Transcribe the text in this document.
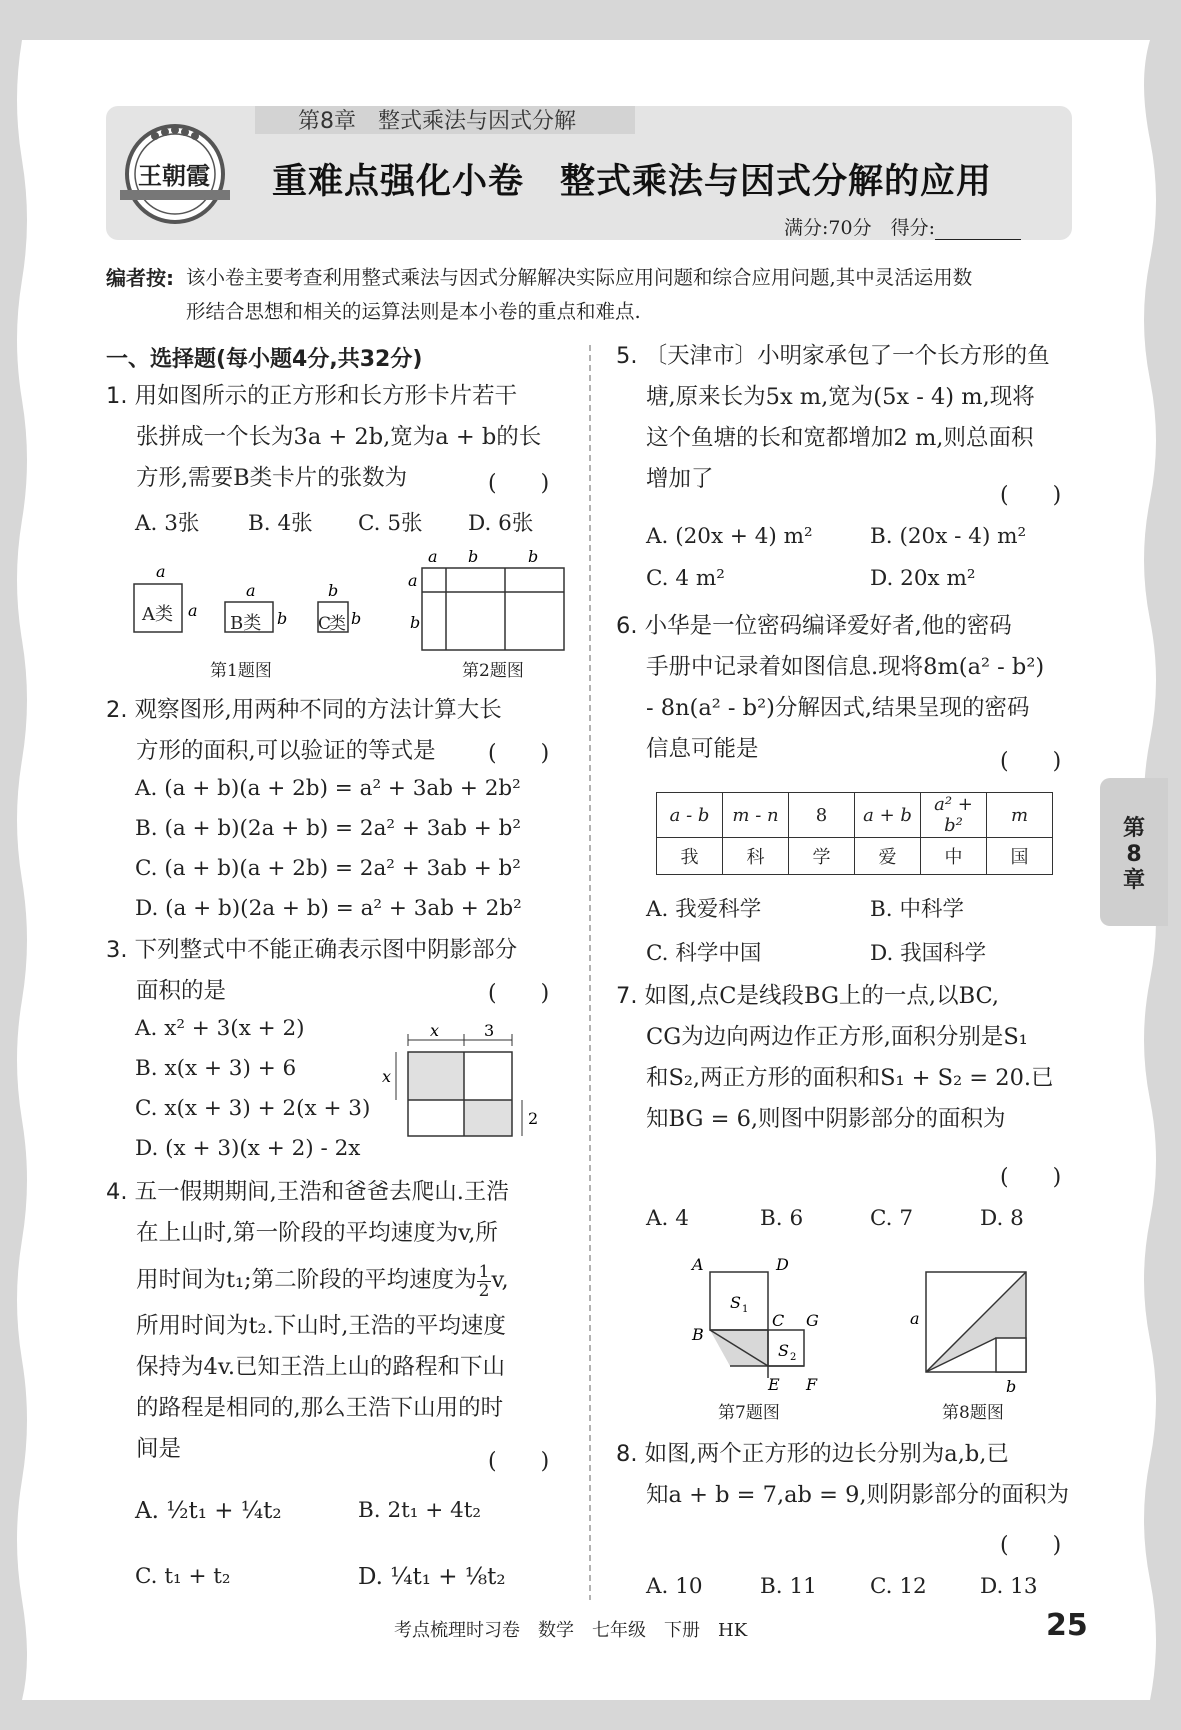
王朝霞
第8章　整式乘法与因式分解
重难点强化小卷　整式乘法与因式分解的应用
满分:70分　得分:
编者按: 该小卷主要考查利用整式乘法与因式分解解决实际应用问题和综合应用问题,其中灵活运用数
形结合思想和相关的运算法则是本小卷的重点和难点.
一、选择题(每小题4分,共32分)
1. 用如图所示的正方形和长方形卡片若干
张拼成一个长为3a + 2b,宽为a + b的长
方形,需要B类卡片的张数为	(　　)
A. 3张 B. 4张 C. 5张 D. 6张
a
a
a
b
b
b
A类	B类	C类
第1题图
a b	b
a
b
第2题图
2. 观察图形,用两种不同的方法计算大长
方形的面积,可以验证的等式是	(　　)
A. (a + b)(a + 2b) = a² + 3ab + 2b²
B. (a + b)(2a + b) = 2a² + 3ab + b²
C. (a + b)(a + 2b) = 2a² + 3ab + b²
D. (a + b)(2a + b) = a² + 3ab + 2b²
3. 下列整式中不能正确表示图中阴影部分
面积的是	(　　)
A. x² + 3(x + 2)
B. x(x + 3) + 6
C. x(x + 3) + 2(x + 3)
D. (x + 3)(x + 2) - 2x
x	3
x
2
4. 五一假期期间,王浩和爸爸去爬山.王浩
在上山时,第一阶段的平均速度为v,所
用时间为t₁;第二阶段的平均速度为 $\frac{1}{2} v$,
所用时间为t₂.下山时,王浩的平均速度
保持为4v.已知王浩上山的路程和下山
的路程是相同的,那么王浩下山用的时
间是	(　　)
A. ½t₁ + ¼t₂	B. 2t₁ + 4t₂
C. t₁ + t₂	D. ¼t₁ + ⅛t₂
5. 〔天津市〕小明家承包了一个长方形的鱼
塘,原来长为5x m,宽为(5x - 4) m,现将
这个鱼塘的长和宽都增加2 m,则总面积
增加了
(　　)
A. (20x + 4) m²	B. (20x - 4) m²
C. 4 m²	D. 20x m²
6. 小华是一位密码编译爱好者,他的密码
手册中记录着如图信息.现将8m(a² - b²)
- 8n(a² - b²)分解因式,结果呈现的密码
信息可能是	(　　)
a - b	m - n	8	a + b	a² + b²	m
我	科	学	爱	中	国
A. 我爱科学	B. 中科学
C. 科学中国	D. 我国科学
7. 如图,点C是线段BG上的一点,以BC,
CG为边向两边作正方形,面积分别是S₁
和S₂,两正方形的面积和S₁ + S₂ = 20.已
知BG = 6,则图中阴影部分的面积为
(　　)
A. 4	B. 6	C. 7	D. 8
A	D
S 1
B
C G
S 2
E F
第7题图
a
b
第8题图
8. 如图,两个正方形的边长分别为a,b,已
知a + b = 7,ab = 9,则阴影部分的面积为
(　　)
A. 10	B. 11 C. 12 D. 13
第
8
章
考点梳理时习卷　数学　七年级　下册　HK	25
